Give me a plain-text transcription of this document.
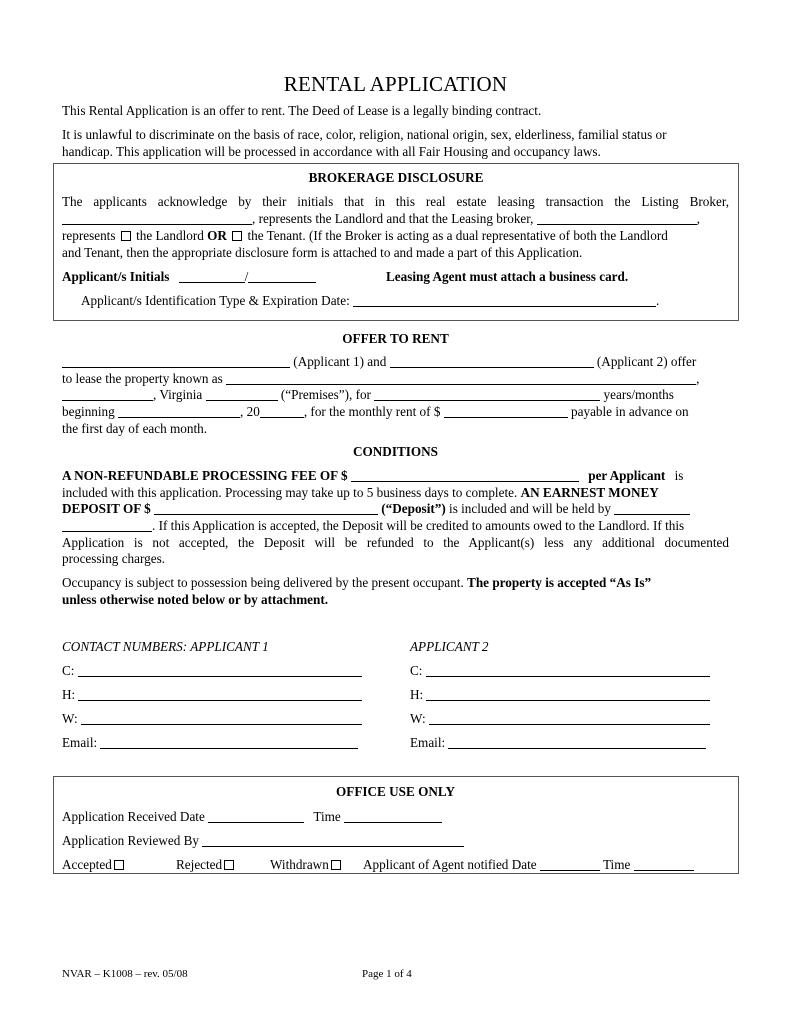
RENTAL APPLICATION
This Rental Application is an offer to rent. The Deed of Lease is a legally binding contract.
It is unlawful to discriminate on the basis of race, color, religion, national origin, sex, elderliness, familial status or
handicap. This application will be processed in accordance with all Fair Housing and occupancy laws.
BROKERAGE DISCLOSURE
The applicants acknowledge by their initials that in this real estate leasing transaction the Listing Broker,
, represents the Landlord and that the Leasing broker,	,
represents the Landlord OR the Tenant. (If the Broker is acting as a dual representative of both the Landlord
and Tenant, then the appropriate disclosure form is attached to and made a part of this Application.
Applicant/s Initials	/	Leasing Agent must attach a business card.
Applicant/s Identification Type & Expiration Date:	.
OFFER TO RENT
(Applicant 1) and	(Applicant 2) offer
to lease the property known as	,
, Virginia	(“Premises”), for	years/months
beginning	, 20	, for the monthly rent of $	payable in advance on
the first day of each month.
CONDITIONS
A NON-REFUNDABLE PROCESSING FEE OF $	per Applicant is
included with this application. Processing may take up to 5 business days to complete. AN EARNEST MONEY
DEPOSIT OF $	(“Deposit”) is included and will be held by
. If this Application is accepted, the Deposit will be credited to amounts owed to the Landlord. If this
Application is not accepted, the Deposit will be refunded to the Applicant(s) less any additional documented
processing charges.
Occupancy is subject to possession being delivered by the present occupant. The property is accepted “As Is”
unless otherwise noted below or by attachment.
CONTACT NUMBERS: APPLICANT 1	APPLICANT 2
C:
H:
W:
Email:
C:
H:
W:
Email:
OFFICE USE ONLY
Application Received Date	Time
Application Reviewed By
Accepted	Rejected	Withdrawn	Applicant of Agent notified Date	Time
NVAR – K1008 – rev. 05/08	Page 1 of 4
